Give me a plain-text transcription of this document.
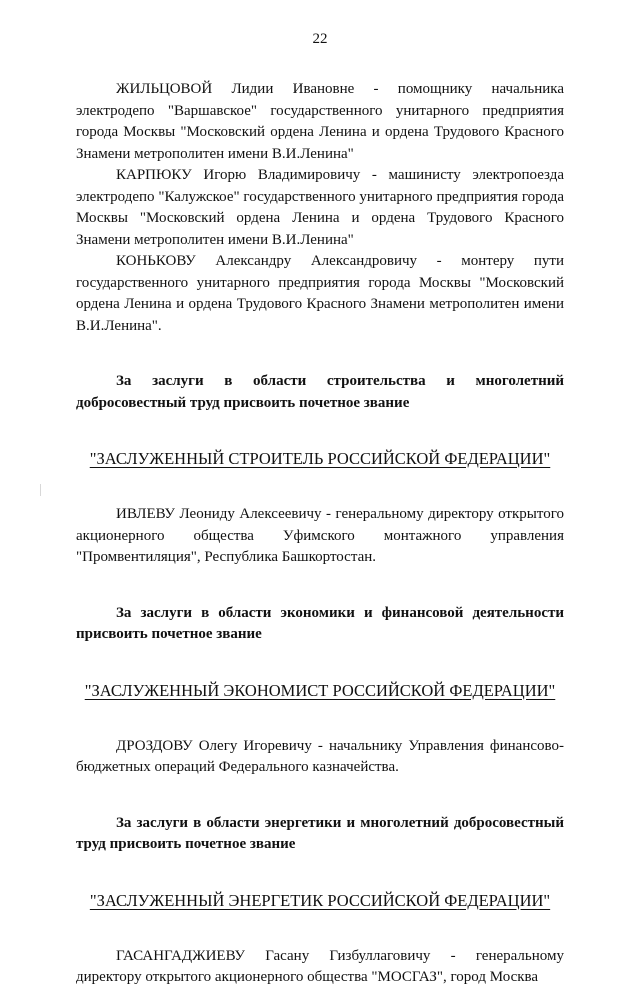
22

ЖИЛЬЦОВОЙ Лидии Ивановне - помощнику начальника электродепо "Варшавское" государственного унитарного предприятия города Москвы "Московский ордена Ленина и ордена Трудового Красного Знамени метрополитен имени В.И.Ленина"

КАРПЮКУ Игорю Владимировичу - машинисту электропоезда электродепо "Калужское" государственного унитарного предприятия города Москвы "Московский ордена Ленина и ордена Трудового Красного Знамени метрополитен имени В.И.Ленина"

КОНЬКОВУ Александру Александровичу - монтеру пути государственного унитарного предприятия города Москвы "Московский ордена Ленина и ордена Трудового Красного Знамени метрополитен имени В.И.Ленина".

За заслуги в области строительства и многолетний добросовестный труд присвоить почетное звание

"ЗАСЛУЖЕННЫЙ СТРОИТЕЛЬ РОССИЙСКОЙ ФЕДЕРАЦИИ"

ИВЛЕВУ Леониду Алексеевичу - генеральному директору открытого акционерного общества Уфимского монтажного управления "Промвентиляция", Республика Башкортостан.

За заслуги в области экономики и финансовой деятельности присвоить почетное звание

"ЗАСЛУЖЕННЫЙ ЭКОНОМИСТ РОССИЙСКОЙ ФЕДЕРАЦИИ"

ДРОЗДОВУ Олегу Игоревичу - начальнику Управления финансово-бюджетных операций Федерального казначейства.

За заслуги в области энергетики и многолетний добросовестный труд присвоить почетное звание

"ЗАСЛУЖЕННЫЙ ЭНЕРГЕТИК РОССИЙСКОЙ ФЕДЕРАЦИИ"

ГАСАНГАДЖИЕВУ Гасану Гизбуллаговичу - генеральному директору открытого акционерного общества "МОСГАЗ", город Москва
